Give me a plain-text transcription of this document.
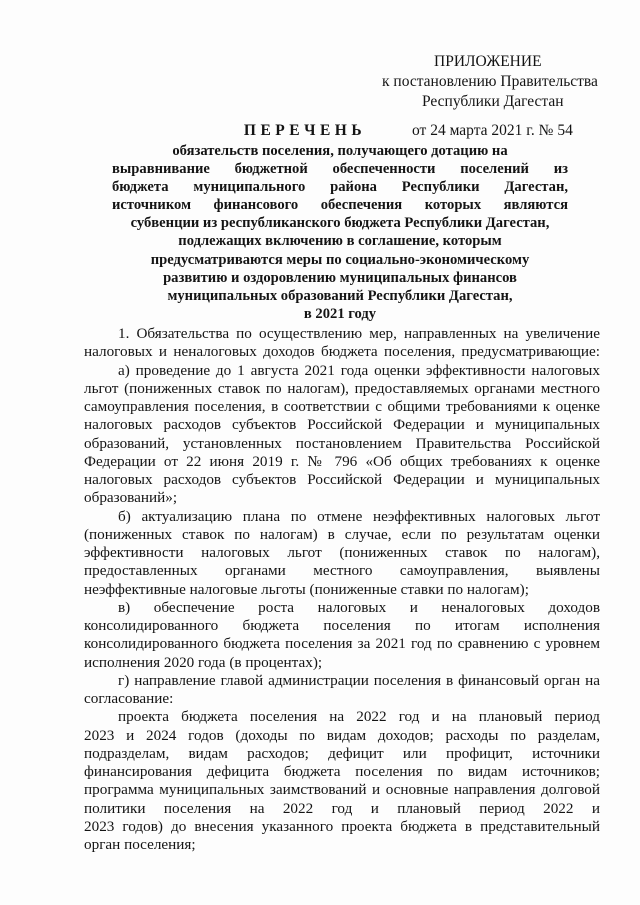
ПРИЛОЖЕНИЕ
к постановлению Правительства
Республики Дагестан
от 24 марта 2021 г. № 54
ПЕРЕЧЕНЬ
обязательств поселения, получающего дотацию на
выравнивание бюджетной обеспеченности поселений из
бюджета муниципального района Республики Дагестан,
источником финансового обеспечения которых являются
субвенции из республиканского бюджета Республики Дагестан,
подлежащих включению в соглашение, которым
предусматриваются меры по социально-экономическому
развитию и оздоровлению муниципальных финансов
муниципальных образований Республики Дагестан,
в 2021 году
1. Обязательства по осуществлению мер, направленных на увеличение
налоговых и неналоговых доходов бюджета поселения, предусматривающие:
а) проведение до 1 августа 2021 года оценки эффективности налоговых
льгот (пониженных ставок по налогам), предоставляемых органами местного
самоуправления поселения, в соответствии с общими требованиями к оценке
налоговых расходов субъектов Российской Федерации и муниципальных
образований, установленных постановлением Правительства Российской
Федерации от 22 июня 2019 г. № 796 «Об общих требованиях к оценке
налоговых расходов субъектов Российской Федерации и муниципальных
образований»;
б) актуализацию плана по отмене неэффективных налоговых льгот
(пониженных ставок по налогам) в случае, если по результатам оценки
эффективности налоговых льгот (пониженных ставок по налогам),
предоставленных органами местного самоуправления, выявлены
неэффективные налоговые льготы (пониженные ставки по налогам);
в) обеспечение роста налоговых и неналоговых доходов
консолидированного бюджета поселения по итогам исполнения
консолидированного бюджета поселения за 2021 год по сравнению с уровнем
исполнения 2020 года (в процентах);
г) направление главой администрации поселения в финансовый орган на
согласование:
проекта бюджета поселения на 2022 год и на плановый период
2023 и 2024 годов (доходы по видам доходов; расходы по разделам,
подразделам, видам расходов; дефицит или профицит, источники
финансирования дефицита бюджета поселения по видам источников;
программа муниципальных заимствований и основные направления долговой
политики поселения на 2022 год и плановый период 2022 и
2023 годов) до внесения указанного проекта бюджета в представительный
орган поселения;
